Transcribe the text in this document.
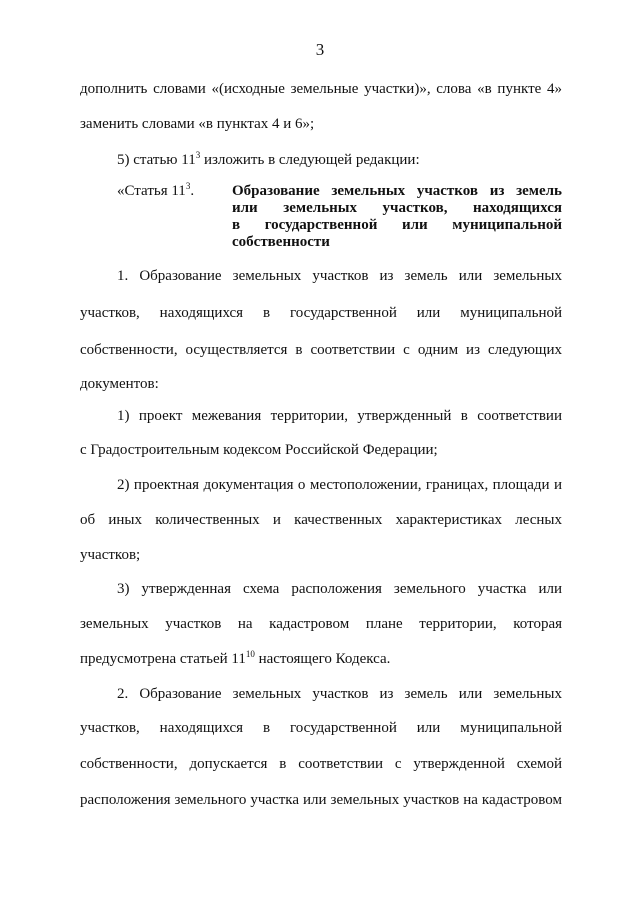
3
дополнить словами «(исходные земельные участки)», слова «в пункте 4»
заменить словами «в пунктах 4 и 6»;
5) статью $11^3$ изложить в следующей редакции:
«Статья $11^3$.	Образование земельных участков из земель
или земельных участков, находящихся
в государственной или муниципальной
собственности
1. Образование земельных участков из земель или земельных
участков, находящихся в государственной или муниципальной
собственности, осуществляется в соответствии с одним из следующих
документов:
1) проект межевания территории, утвержденный в соответствии
с Градостроительным кодексом Российской Федерации;
2) проектная документация о местоположении, границах, площади и
об иных количественных и качественных характеристиках лесных
участков;
3) утвержденная схема расположения земельного участка или
земельных участков на кадастровом плане территории, которая
предусмотрена статьей $11^{10}$ настоящего Кодекса.
2. Образование земельных участков из земель или земельных
участков, находящихся в государственной или муниципальной
собственности, допускается в соответствии с утвержденной схемой
расположения земельного участка или земельных участков на кадастровом
